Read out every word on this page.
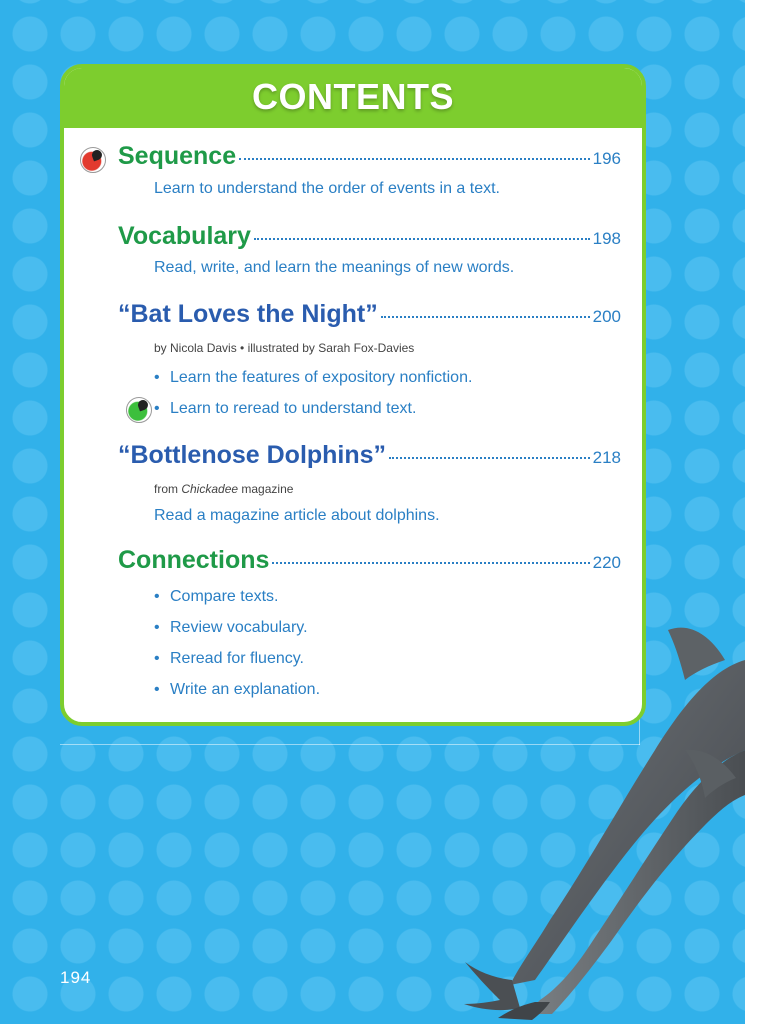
CONTENTS
Sequence	196
Learn to understand the order of events in a text.
Vocabulary	198
Read, write, and learn the meanings of new words.
“Bat Loves the Night”	200
by Nicola Davis • illustrated by Sarah Fox-Davies
• Learn the features of expository nonfiction.
• Learn to reread to understand text.
“Bottlenose Dolphins”	218
from Chickadee magazine
Read a magazine article about dolphins.
Connections	220
• Compare texts.
• Review vocabulary.
• Reread for fluency.
• Write an explanation.
194
